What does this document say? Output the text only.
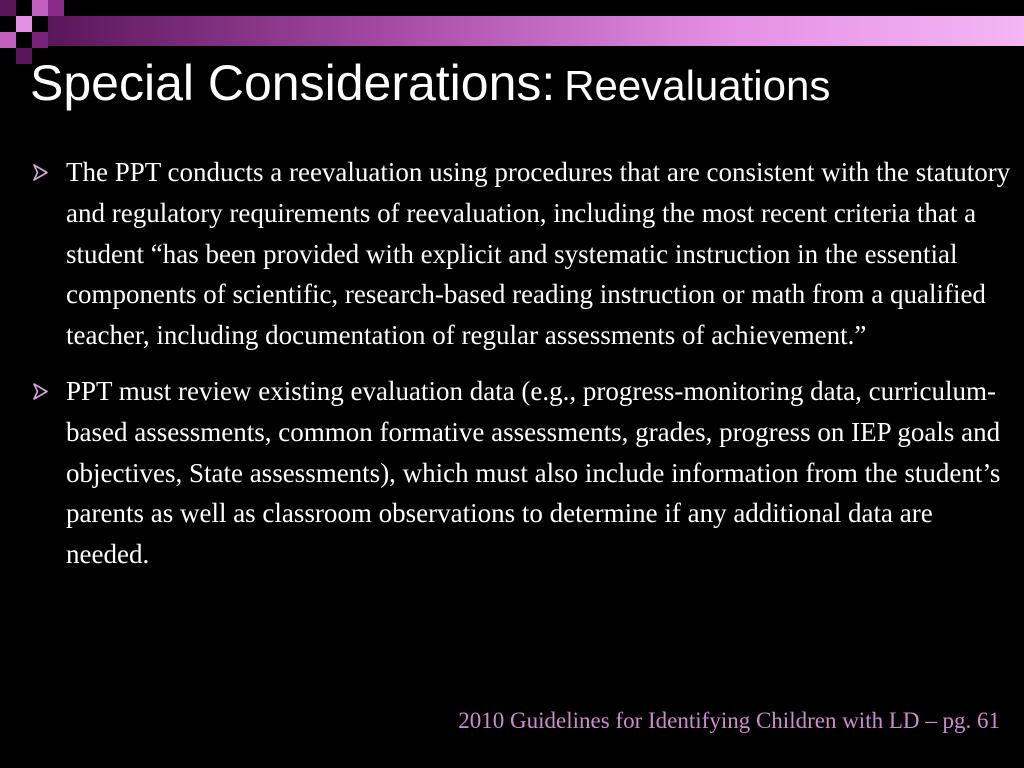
Special Considerations: Reevaluations
The PPT conducts a reevaluation using procedures that are consistent with the statutory and regulatory requirements of reevaluation, including the most recent criteria that a student “has been provided with explicit and systematic instruction in the essential components of scientific, research-based reading instruction or math from a qualified teacher, including documentation of regular assessments of achievement.”
PPT must review existing evaluation data (e.g., progress-monitoring data, curriculum-based assessments, common formative assessments, grades, progress on IEP goals and objectives, State assessments), which must also include information from the student’s parents as well as classroom observations to determine if any additional data are needed.

2010 Guidelines for Identifying Children with LD – pg. 61
